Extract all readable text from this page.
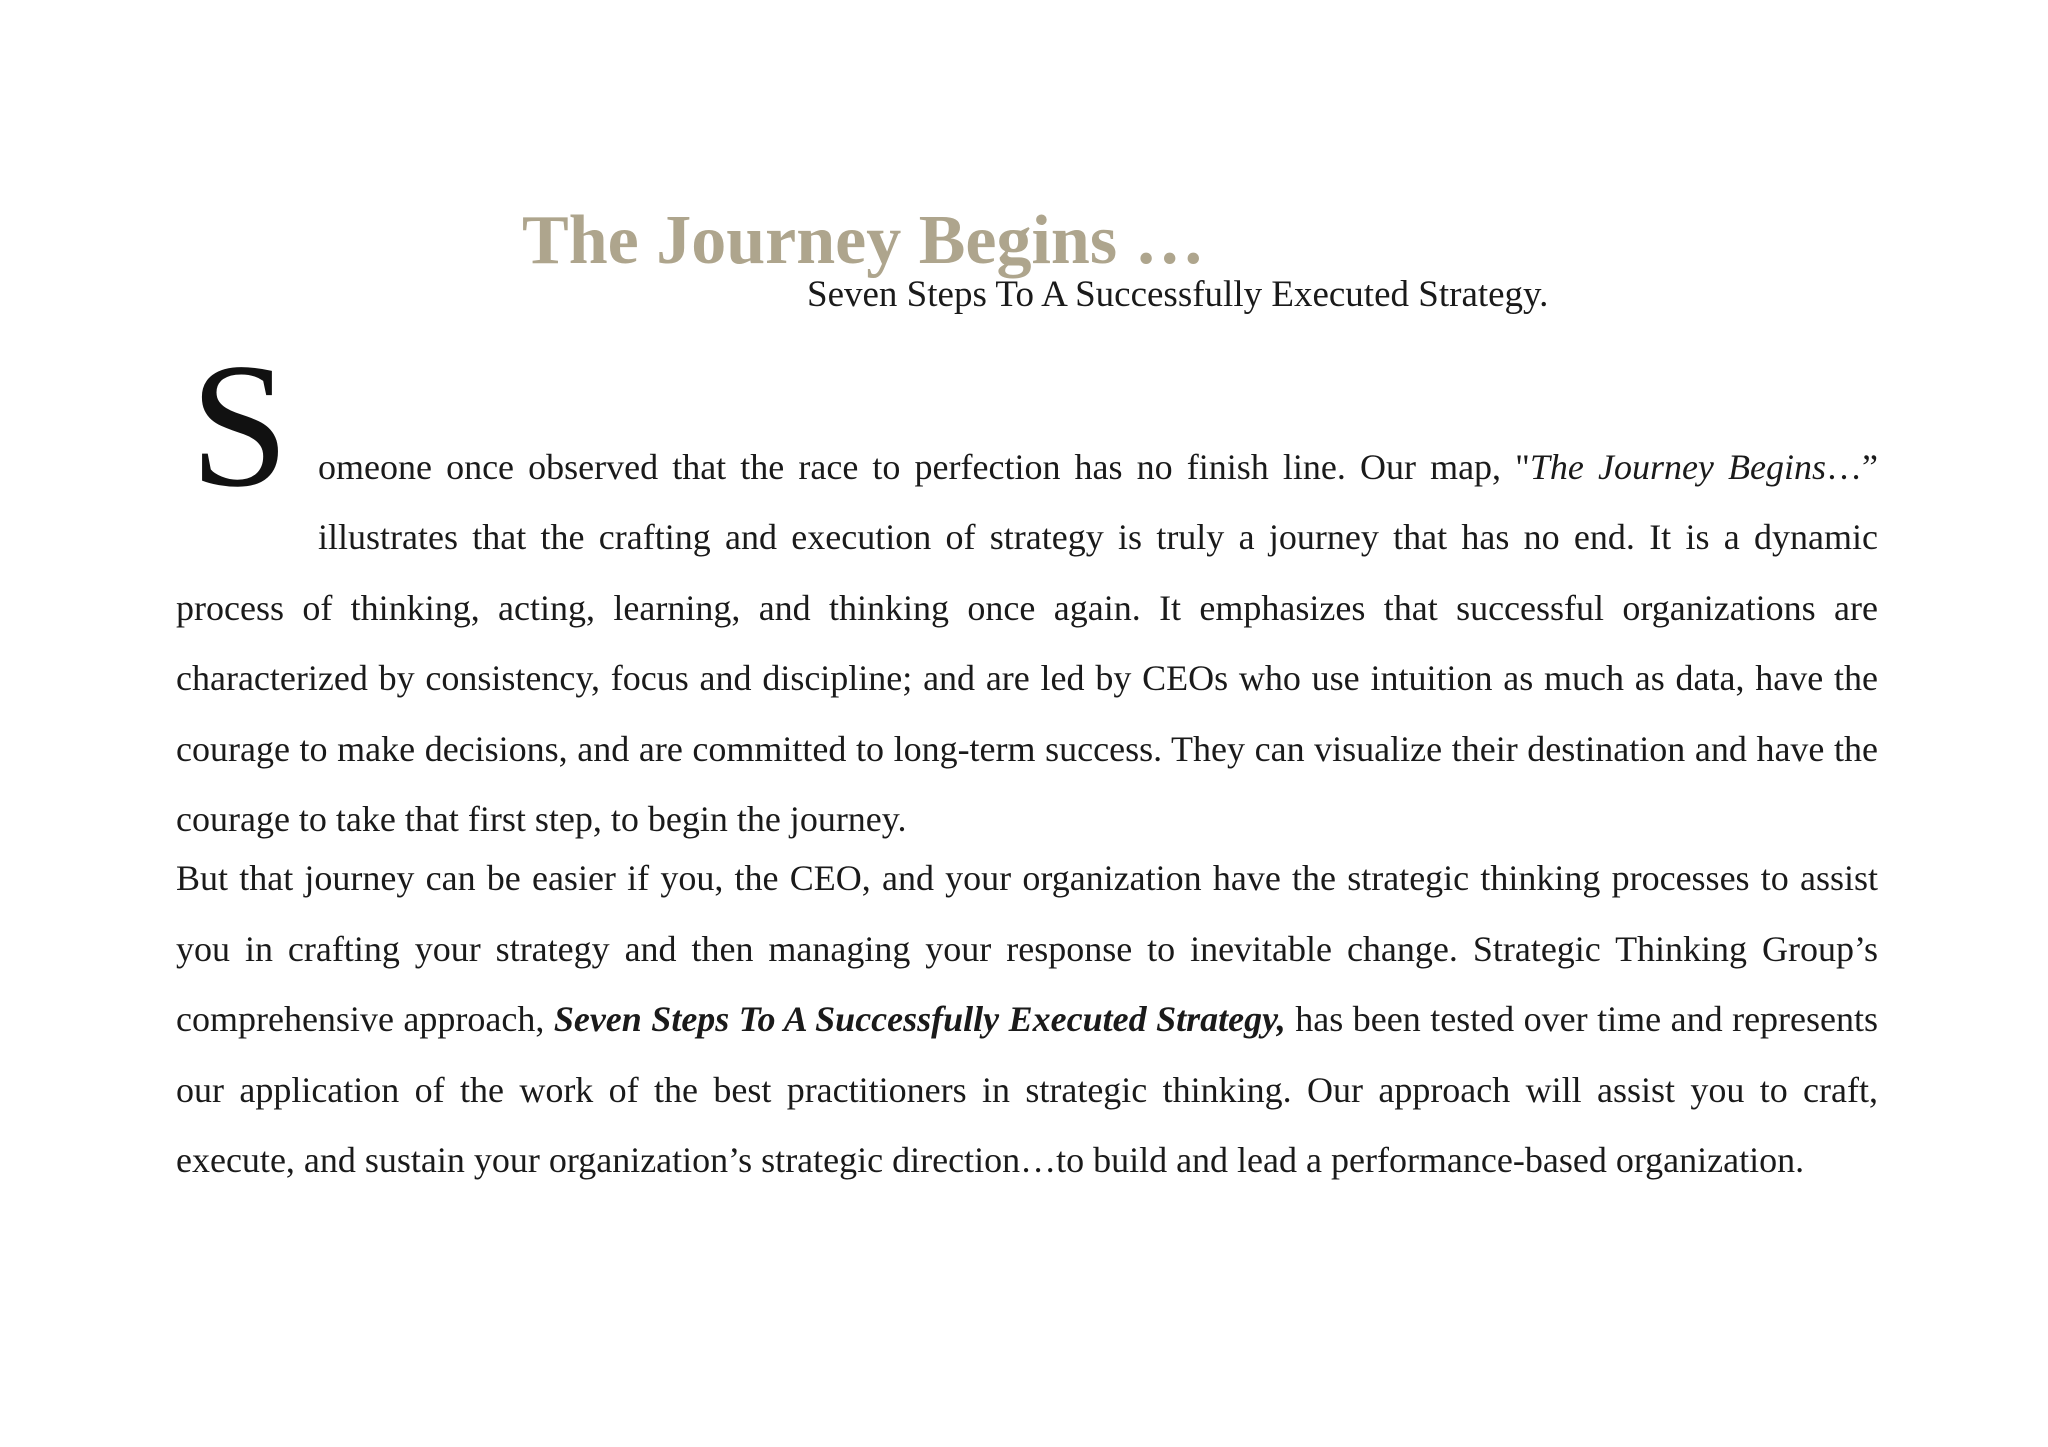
The Journey Begins …
Seven Steps To A Successfully Executed Strategy.
S omeone once observed that the race to perfection has no finish line. Our map, "The Journey Begins…”

illustrates that the crafting and execution of strategy is truly a journey that has no end. It is a dynamic
process of thinking, acting, learning, and thinking once again. It emphasizes that successful organizations are characterized by consistency, focus and discipline; and are led by CEOs who use intuition as much as data, have the courage to make decisions, and are committed to long-term success. They can visualize their destination and have the courage to take that first step, to begin the journey.

But that journey can be easier if you, the CEO, and your organization have the strategic thinking processes to assist you in crafting your strategy and then managing your response to inevitable change. Strategic Thinking Group’s comprehensive approach, Seven Steps To A Successfully Executed Strategy, has been tested over time and represents our application of the work of the best practitioners in strategic thinking. Our approach will assist you to craft, execute, and sustain your organization’s strategic direction…to build and lead a performance-based organization.
